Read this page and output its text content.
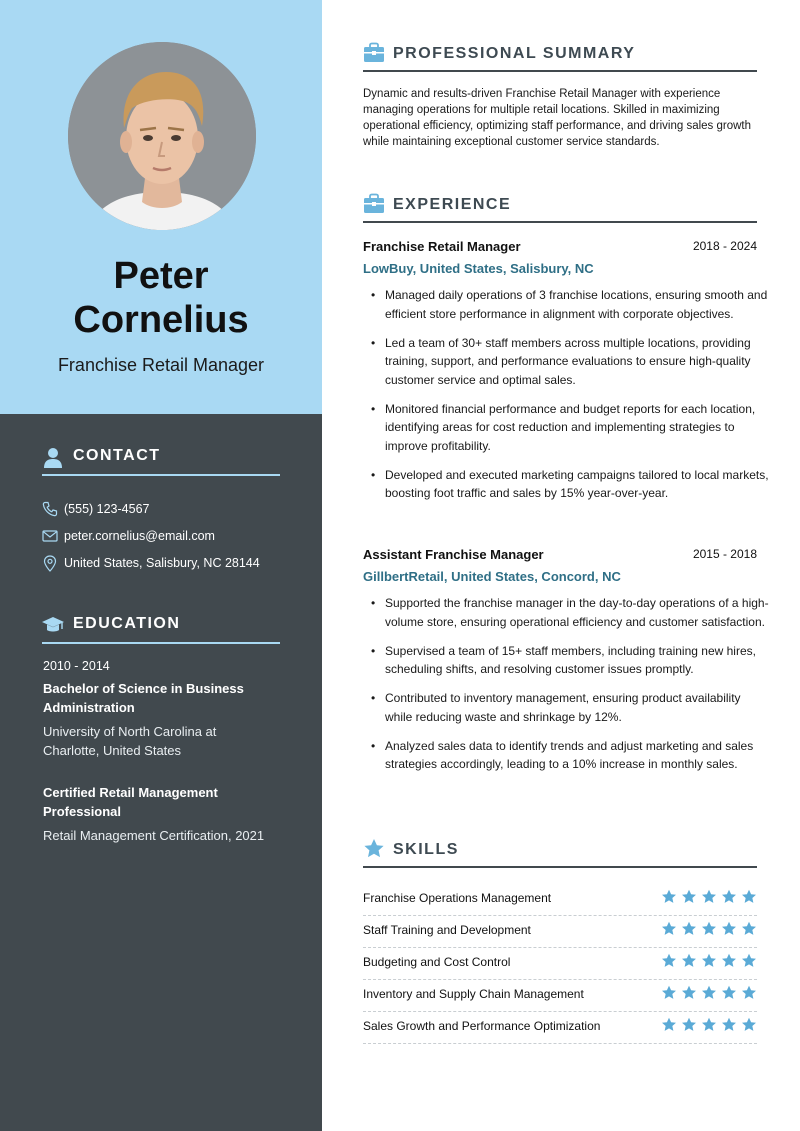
Peter
Cornelius
Franchise Retail Manager
CONTACT
(555) 123-4567
peter.cornelius@email.com
United States, Salisbury, NC 28144
EDUCATION
2010 - 2014
Bachelor of Science in Business Administration
University of North Carolina at Charlotte, United States
Certified Retail Management Professional
Retail Management Certification, 2021
PROFESSIONAL SUMMARY
Dynamic and results-driven Franchise Retail Manager with experience managing operations for multiple retail locations. Skilled in maximizing operational efficiency, optimizing staff performance, and driving sales growth while maintaining exceptional customer service standards.
EXPERIENCE
Franchise Retail Manager	2018 - 2024
LowBuy, United States, Salisbury, NC
• Managed daily operations of 3 franchise locations, ensuring smooth and efficient store performance in alignment with corporate objectives.
• Led a team of 30+ staff members across multiple locations, providing training, support, and performance evaluations to ensure high-quality customer service and optimal sales.
• Monitored financial performance and budget reports for each location, identifying areas for cost reduction and implementing strategies to improve profitability.
• Developed and executed marketing campaigns tailored to local markets, boosting foot traffic and sales by 15% year-over-year.
Assistant Franchise Manager	2015 - 2018
GillbertRetail, United States, Concord, NC
• Supported the franchise manager in the day-to-day operations of a high-volume store, ensuring operational efficiency and customer satisfaction.
• Supervised a team of 15+ staff members, including training new hires, scheduling shifts, and resolving customer issues promptly.
• Contributed to inventory management, ensuring product availability while reducing waste and shrinkage by 12%.
• Analyzed sales data to identify trends and adjust marketing and sales strategies accordingly, leading to a 10% increase in monthly sales.
SKILLS
Franchise Operations Management
Staff Training and Development
Budgeting and Cost Control
Inventory and Supply Chain Management
Sales Growth and Performance Optimization
